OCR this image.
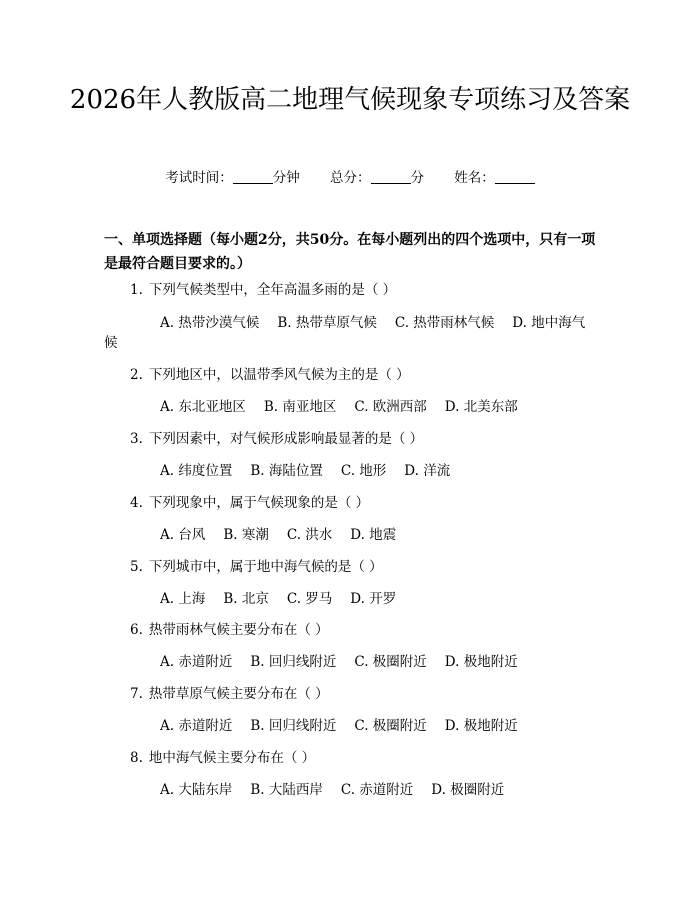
2026年人教版高二地理气候现象专项练习及答案
考试时间：	分钟 总分：	分 姓名：
一、单项选择题（每小题2分，共50分。在每小题列出的四个选项中，只有一项是最符合题目要求的。）
1. 下列气候类型中，全年高温多雨的是（ ）
A. 热带沙漠气候 B. 热带草原气候 C. 热带雨林气候 D. 地中海气候
2. 下列地区中，以温带季风气候为主的是（ ）
A. 东北亚地区 B. 南亚地区 C. 欧洲西部 D. 北美东部
3. 下列因素中，对气候形成影响最显著的是（ ）
A. 纬度位置 B. 海陆位置 C. 地形 D. 洋流
4. 下列现象中，属于气候现象的是（ ）
A. 台风 B. 寒潮 C. 洪水 D. 地震
5. 下列城市中，属于地中海气候的是（ ）
A. 上海 B. 北京 C. 罗马 D. 开罗
6. 热带雨林气候主要分布在（ ）
A. 赤道附近 B. 回归线附近 C. 极圈附近 D. 极地附近
7. 热带草原气候主要分布在（ ）
A. 赤道附近 B. 回归线附近 C. 极圈附近 D. 极地附近
8. 地中海气候主要分布在（ ）
A. 大陆东岸 B. 大陆西岸 C. 赤道附近 D. 极圈附近
